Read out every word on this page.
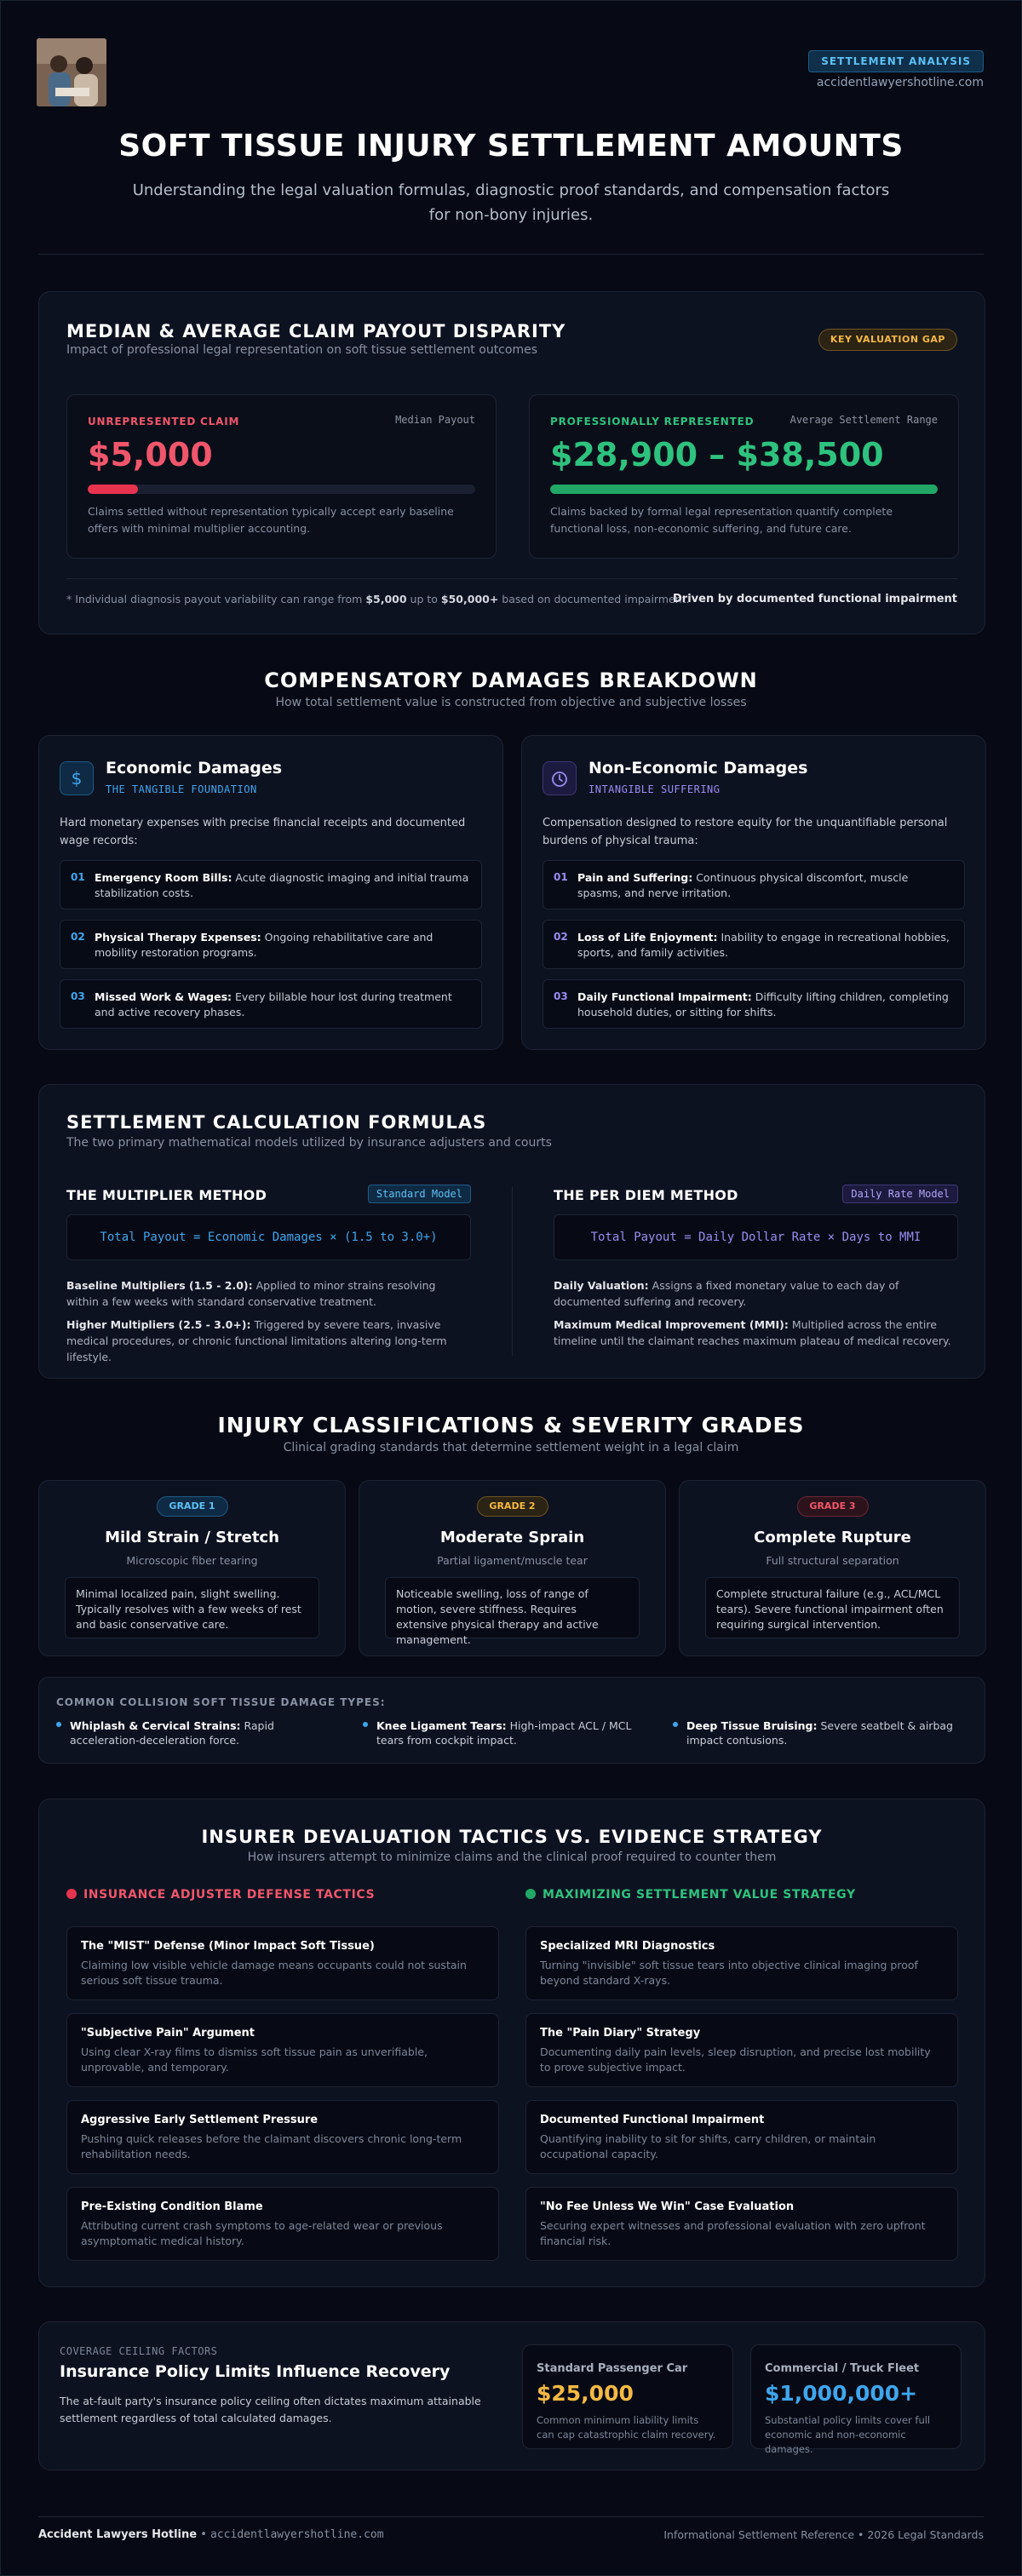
SETTLEMENT ANALYSIS
accidentlawyershotline.com
SOFT TISSUE INJURY SETTLEMENT AMOUNTS
Understanding the legal valuation formulas, diagnostic proof standards, and compensation factors
for non-bony injuries.
MEDIAN & AVERAGE CLAIM PAYOUT DISPARITY
Impact of professional legal representation on soft tissue settlement outcomes
KEY VALUATION GAP
UNREPRESENTED CLAIM	Median Payout
$5,000
Claims settled without representation typically accept early baseline offers with minimal multiplier accounting.
PROFESSIONALLY REPRESENTED	Average Settlement Range
$28,900 – $38,500
Claims backed by formal legal representation quantify complete functional loss, non-economic suffering, and future care.
* Individual diagnosis payout variability can range from $5,000 up to $50,000+ based on documented impairment.
Driven by documented functional impairment
COMPENSATORY DAMAGES BREAKDOWN
How total settlement value is constructed from objective and subjective losses
$	Economic Damages
THE TANGIBLE FOUNDATION
Hard monetary expenses with precise financial receipts and documented wage records:
01 Emergency Room Bills: Acute diagnostic imaging and initial trauma stabilization costs.
02 Physical Therapy Expenses: Ongoing rehabilitative care and mobility restoration programs.
03 Missed Work & Wages: Every billable hour lost during treatment and active recovery phases.
Non-Economic Damages
INTANGIBLE SUFFERING
Compensation designed to restore equity for the unquantifiable personal burdens of physical trauma:
01 Pain and Suffering: Continuous physical discomfort, muscle spasms, and nerve irritation.
02 Loss of Life Enjoyment: Inability to engage in recreational hobbies, sports, and family activities.
03 Daily Functional Impairment: Difficulty lifting children, completing household duties, or sitting for shifts.
SETTLEMENT CALCULATION FORMULAS
The two primary mathematical models utilized by insurance adjusters and courts
THE MULTIPLIER METHOD	Standard Model
Total Payout = Economic Damages × (1.5 to 3.0+)
Baseline Multipliers (1.5 - 2.0): Applied to minor strains resolving within a few weeks with standard conservative treatment.
Higher Multipliers (2.5 - 3.0+): Triggered by severe tears, invasive medical procedures, or chronic functional limitations altering long-term lifestyle.
THE PER DIEM METHOD	Daily Rate Model
Total Payout = Daily Dollar Rate × Days to MMI
Daily Valuation: Assigns a fixed monetary value to each day of documented suffering and recovery.
Maximum Medical Improvement (MMI): Multiplied across the entire timeline until the claimant reaches maximum plateau of medical recovery.
INJURY CLASSIFICATIONS & SEVERITY GRADES
Clinical grading standards that determine settlement weight in a legal claim
GRADE 1
Mild Strain / Stretch
Microscopic fiber tearing
Minimal localized pain, slight swelling. Typically resolves with a few weeks of rest and basic conservative care.
GRADE 2
Moderate Sprain
Partial ligament/muscle tear
Noticeable swelling, loss of range of motion, severe stiffness. Requires extensive physical therapy and active management.
GRADE 3
Complete Rupture
Full structural separation
Complete structural failure (e.g., ACL/MCL tears). Severe functional impairment often requiring surgical intervention.
COMMON COLLISION SOFT TISSUE DAMAGE TYPES:
Whiplash & Cervical Strains: Rapid acceleration-deceleration force.
Knee Ligament Tears: High-impact ACL / MCL tears from cockpit impact.
Deep Tissue Bruising: Severe seatbelt & airbag impact contusions.
INSURER DEVALUATION TACTICS VS. EVIDENCE STRATEGY
How insurers attempt to minimize claims and the clinical proof required to counter them
INSURANCE ADJUSTER DEFENSE TACTICS	MAXIMIZING SETTLEMENT VALUE STRATEGY
The "MIST" Defense (Minor Impact Soft Tissue)
Claiming low visible vehicle damage means occupants could not sustain serious soft tissue trauma.
"Subjective Pain" Argument
Using clear X-ray films to dismiss soft tissue pain as unverifiable, unprovable, and temporary.
Aggressive Early Settlement Pressure
Pushing quick releases before the claimant discovers chronic long-term rehabilitation needs.
Pre-Existing Condition Blame
Attributing current crash symptoms to age-related wear or previous asymptomatic medical history.
Specialized MRI Diagnostics
Turning "invisible" soft tissue tears into objective clinical imaging proof beyond standard X-rays.
The "Pain Diary" Strategy
Documenting daily pain levels, sleep disruption, and precise lost mobility to prove subjective impact.
Documented Functional Impairment
Quantifying inability to sit for shifts, carry children, or maintain occupational capacity.
"No Fee Unless We Win" Case Evaluation
Securing expert witnesses and professional evaluation with zero upfront financial risk.
COVERAGE CEILING FACTORS
Insurance Policy Limits Influence Recovery
The at-fault party's insurance policy ceiling often dictates maximum attainable settlement regardless of total calculated damages.
Standard Passenger Car
$25,000
Common minimum liability limits can cap catastrophic claim recovery.
Commercial / Truck Fleet
$1,000,000+
Substantial policy limits cover full economic and non-economic damages.
Accident Lawyers Hotline • accidentlawyershotline.com	Informational Settlement Reference • 2026 Legal Standards
